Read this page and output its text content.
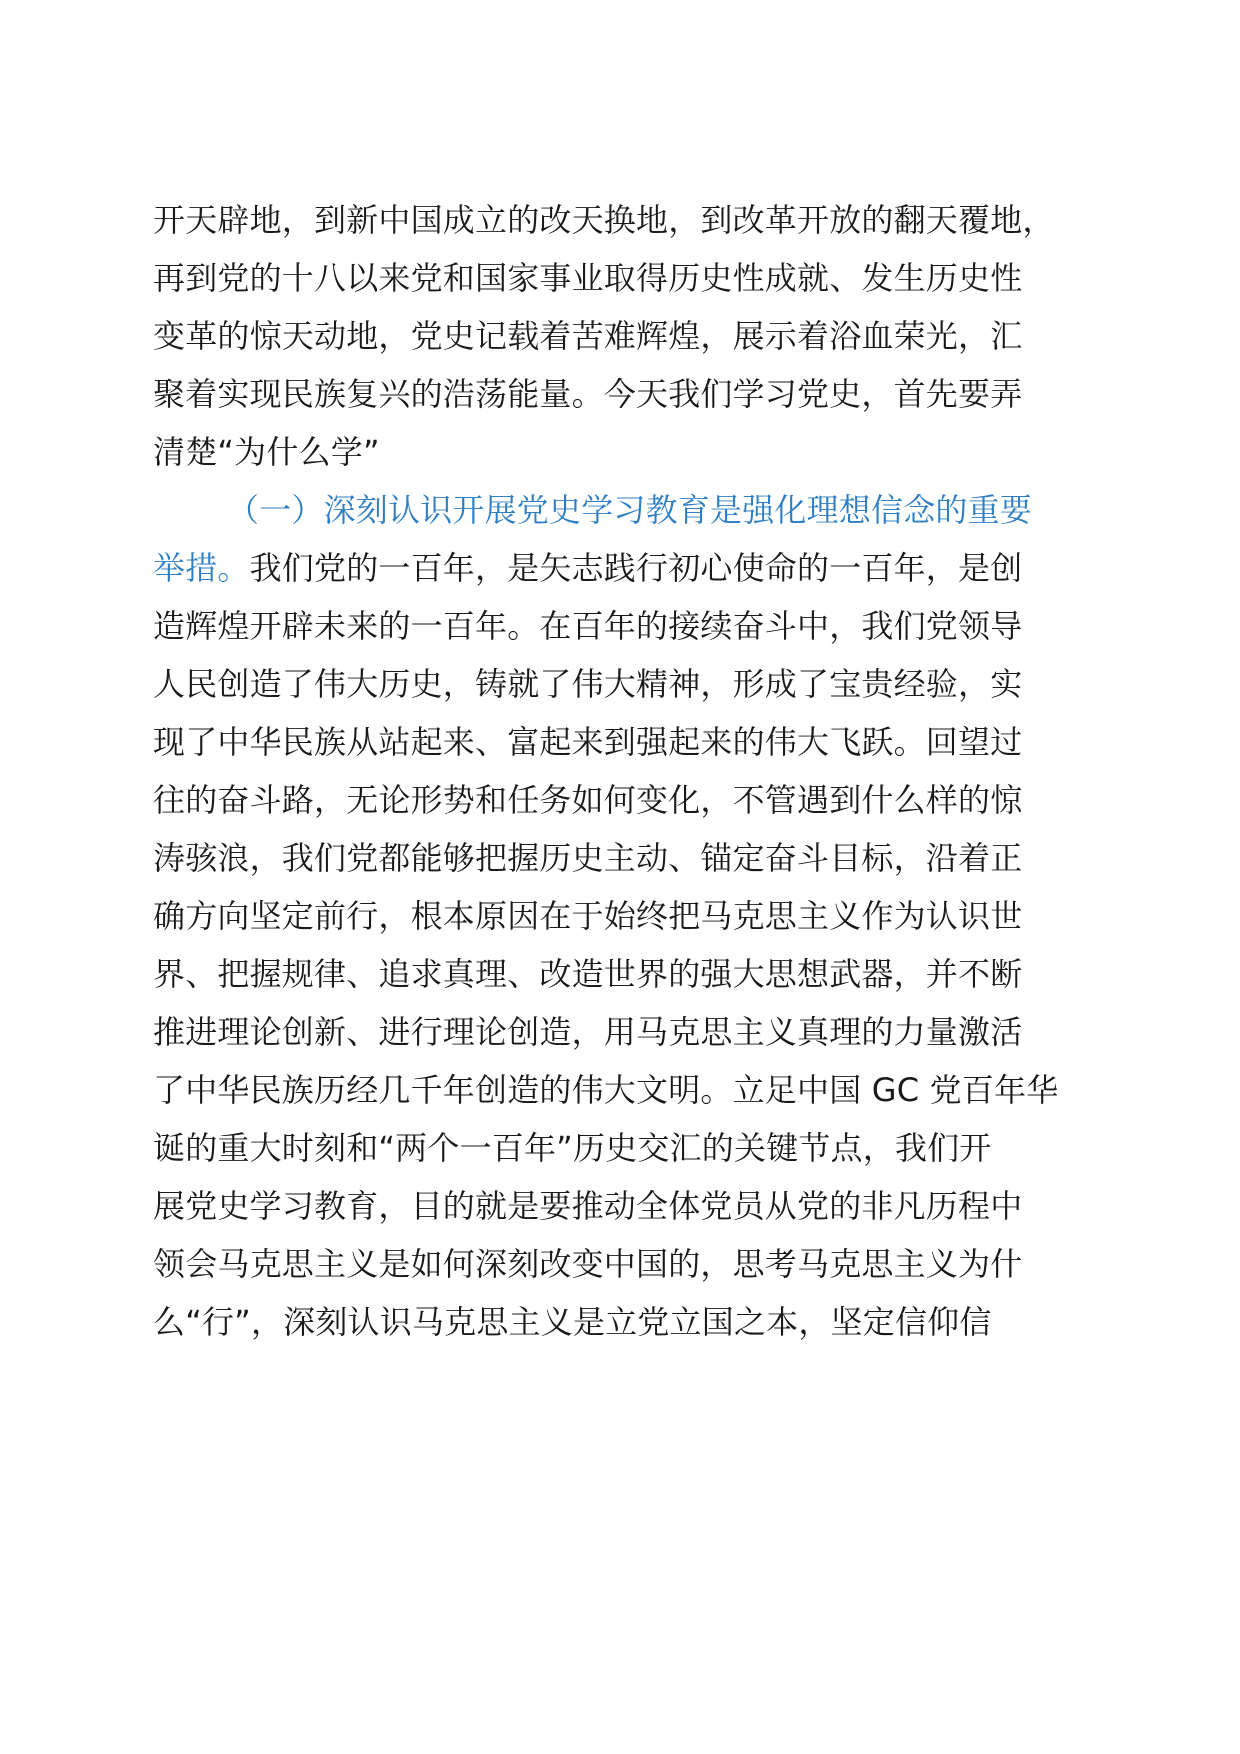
开天辟地，到新中国成立的改天换地，到改革开放的翻天覆地，
再到党的十八以来党和国家事业取得历史性成就、发生历史性
变革的惊天动地，党史记载着苦难辉煌，展示着浴血荣光，汇
聚着实现民族复兴的浩荡能量。今天我们学习党史，首先要弄
清楚“为什么学”
（一）深刻认识开展党史学习教育是强化理想信念的重要
举措。我们党的一百年，是矢志践行初心使命的一百年，是创
造辉煌开辟未来的一百年。在百年的接续奋斗中，我们党领导
人民创造了伟大历史，铸就了伟大精神，形成了宝贵经验，实
现了中华民族从站起来、富起来到强起来的伟大飞跃。回望过
往的奋斗路，无论形势和任务如何变化，不管遇到什么样的惊
涛骇浪，我们党都能够把握历史主动、锚定奋斗目标，沿着正
确方向坚定前行，根本原因在于始终把马克思主义作为认识世
界、把握规律、追求真理、改造世界的强大思想武器，并不断
推进理论创新、进行理论创造，用马克思主义真理的力量激活
了中华民族历经几千年创造的伟大文明。立足中国 GC 党百年华
诞的重大时刻和“两个一百年”历史交汇的关键节点，我们开
展党史学习教育，目的就是要推动全体党员从党的非凡历程中
领会马克思主义是如何深刻改变中国的，思考马克思主义为什
么“行”，深刻认识马克思主义是立党立国之本，坚定信仰信
